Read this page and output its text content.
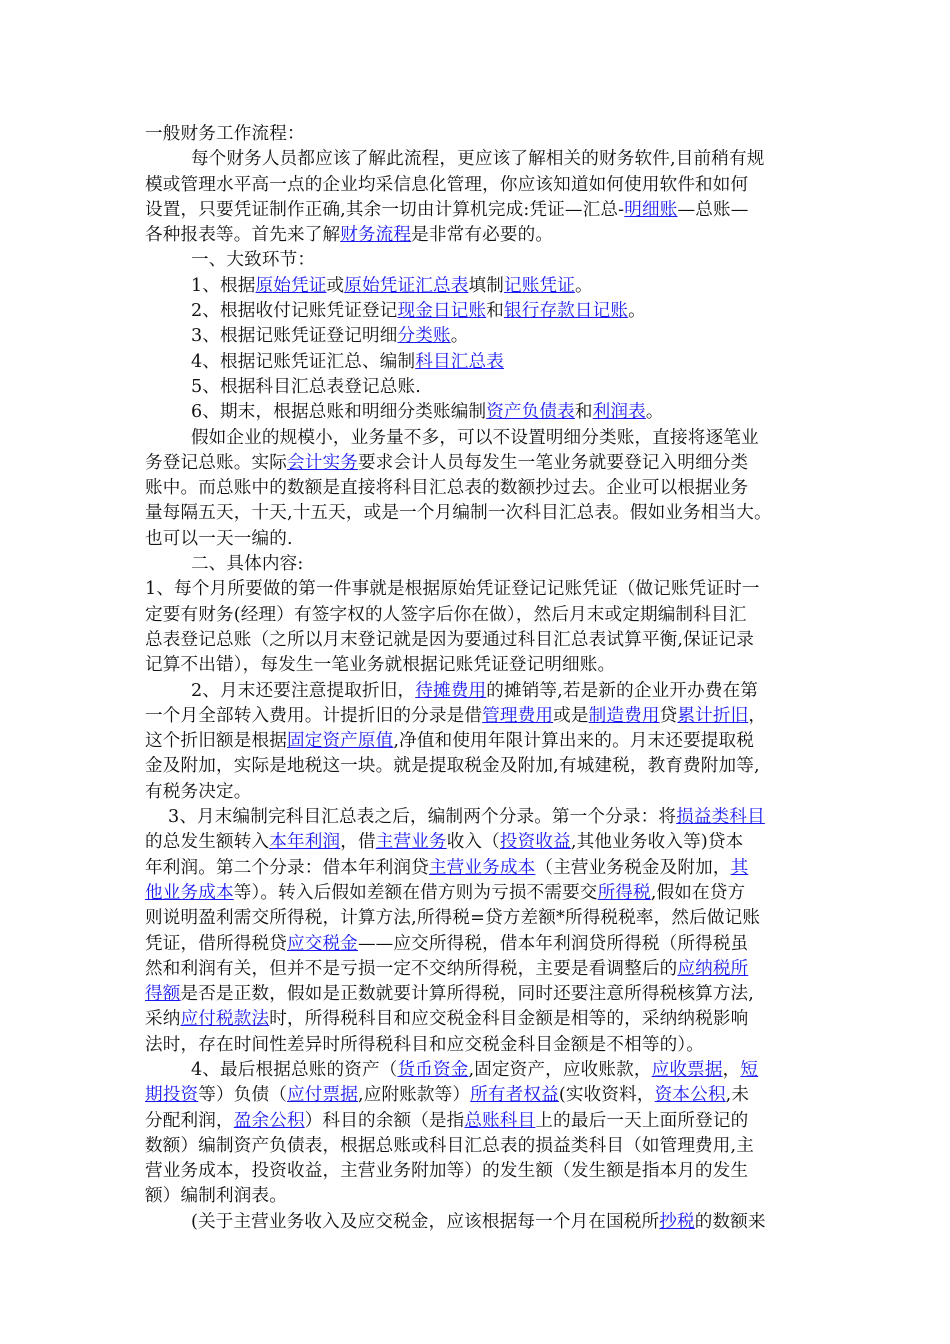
一般财务工作流程：
每个财务人员都应该了解此流程，更应该了解相关的财务软件,目前稍有规
模或管理水平高一点的企业均采信息化管理，你应该知道如何使用软件和如何
设置，只要凭证制作正确,其余一切由计算机完成:凭证—汇总-明细账—总账—
各种报表等。首先来了解财务流程是非常有必要的。
一、大致环节：
1、根据原始凭证或原始凭证汇总表填制记账凭证。
2、根据收付记账凭证登记现金日记账和银行存款日记账。
3、根据记账凭证登记明细分类账。
4、根据记账凭证汇总、编制科目汇总表
5、根据科目汇总表登记总账.
6、期末，根据总账和明细分类账编制资产负债表和利润表。
假如企业的规模小，业务量不多，可以不设置明细分类账，直接将逐笔业
务登记总账。实际会计实务要求会计人员每发生一笔业务就要登记入明细分类
账中。而总账中的数额是直接将科目汇总表的数额抄过去。企业可以根据业务
量每隔五天，十天,十五天，或是一个月编制一次科目汇总表。假如业务相当大。
也可以一天一编的.
二、具体内容:
1、每个月所要做的第一件事就是根据原始凭证登记记账凭证（做记账凭证时一
定要有财务(经理）有签字权的人签字后你在做），然后月末或定期编制科目汇
总表登记总账（之所以月末登记就是因为要通过科目汇总表试算平衡,保证记录
记算不出错），每发生一笔业务就根据记账凭证登记明细账。
2、月末还要注意提取折旧，待摊费用的摊销等,若是新的企业开办费在第
一个月全部转入费用。计提折旧的分录是借管理费用或是制造费用贷累计折旧，
这个折旧额是根据固定资产原值,净值和使用年限计算出来的。月末还要提取税
金及附加，实际是地税这一块。就是提取税金及附加,有城建税，教育费附加等,
有税务决定。
3、月末编制完科目汇总表之后，编制两个分录。第一个分录：将损益类科目
的总发生额转入本年利润，借主营业务收入（投资收益,其他业务收入等)贷本
年利润。第二个分录：借本年利润贷主营业务成本（主营业务税金及附加，其
他业务成本等）。转入后假如差额在借方则为亏损不需要交所得税,假如在贷方
则说明盈利需交所得税，计算方法,所得税=贷方差额*所得税税率，然后做记账
凭证，借所得税贷应交税金——应交所得税，借本年利润贷所得税（所得税虽
然和利润有关，但并不是亏损一定不交纳所得税，主要是看调整后的应纳税所
得额是否是正数，假如是正数就要计算所得税，同时还要注意所得税核算方法,
采纳应付税款法时，所得税科目和应交税金科目金额是相等的，采纳纳税影响
法时，存在时间性差异时所得税科目和应交税金科目金额是不相等的）。
4、最后根据总账的资产（货币资金,固定资产，应收账款，应收票据，短
期投资等）负债（应付票据,应附账款等）所有者权益(实收资料，资本公积,未
分配利润，盈余公积）科目的余额（是指总账科目上的最后一天上面所登记的
数额）编制资产负债表，根据总账或科目汇总表的损益类科目（如管理费用,主
营业务成本，投资收益，主营业务附加等）的发生额（发生额是指本月的发生
额）编制利润表。
(关于主营业务收入及应交税金，应该根据每一个月在国税所抄税的数额来
